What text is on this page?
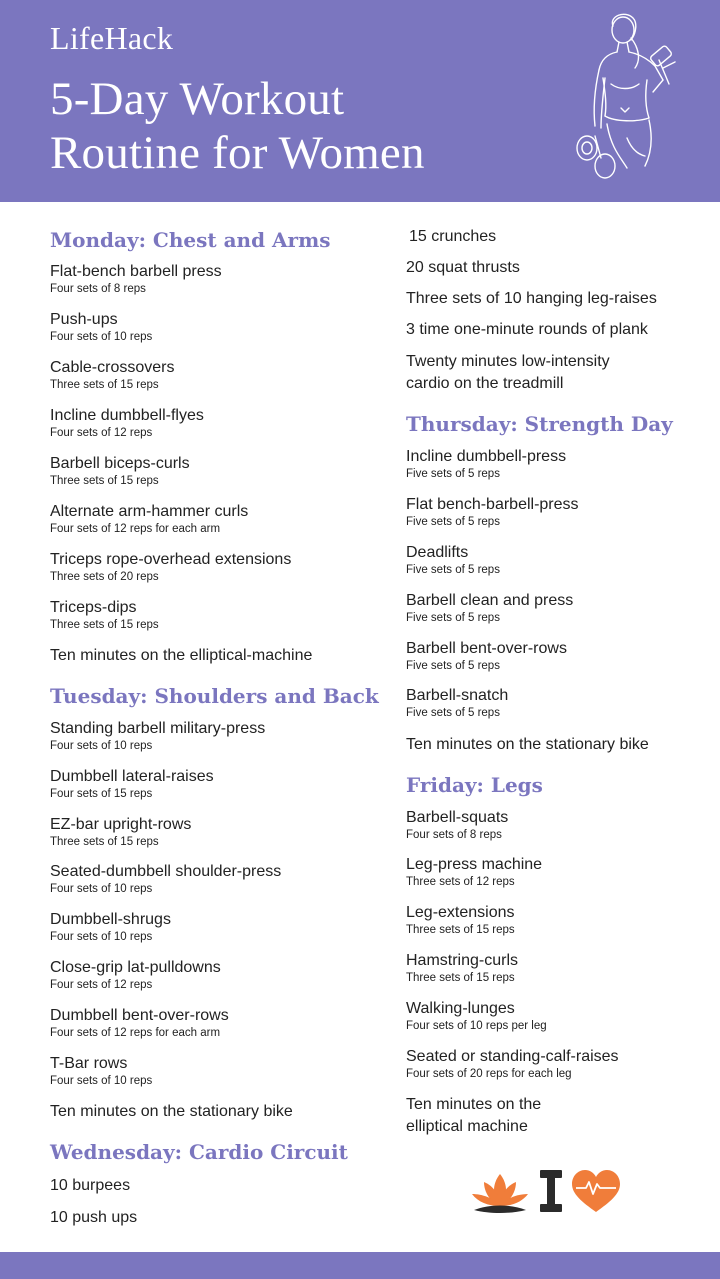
LifeHack
5-Day Workout
Routine for Women
Monday: Chest and Arms
Flat-bench barbell press
Four sets of 8 reps
Push-ups
Four sets of 10 reps
Cable-crossovers
Three sets of 15 reps
Incline dumbbell-flyes
Four sets of 12 reps
Barbell biceps-curls
Three sets of 15 reps
Alternate arm-hammer curls
Four sets of 12 reps for each arm
Triceps rope-overhead extensions
Three sets of 20 reps
Triceps-dips
Three sets of 15 reps
Ten minutes on the elliptical-machine
Tuesday: Shoulders and Back
Standing barbell military-press
Four sets of 10 reps
Dumbbell lateral-raises
Four sets of 15 reps
EZ-bar upright-rows
Three sets of 15 reps
Seated-dumbbell shoulder-press
Four sets of 10 reps
Dumbbell-shrugs
Four sets of 10 reps
Close-grip lat-pulldowns
Four sets of 12 reps
Dumbbell bent-over-rows
Four sets of 12 reps for each arm
T-Bar rows
Four sets of 10 reps
Ten minutes on the stationary bike
Wednesday: Cardio Circuit
10 burpees
10 push ups
15 crunches
20 squat thrusts
Three sets of 10 hanging leg-raises
3 time one-minute rounds of plank
Twenty minutes low-intensity cardio on the treadmill
Thursday: Strength Day
Incline dumbbell-press
Five sets of 5 reps
Flat bench-barbell-press
Five sets of 5 reps
Deadlifts
Five sets of 5 reps
Barbell clean and press
Five sets of 5 reps
Barbell bent-over-rows
Five sets of 5 reps
Barbell-snatch
Five sets of 5 reps
Ten minutes on the stationary bike
Friday: Legs
Barbell-squats
Four sets of 8 reps
Leg-press machine
Three sets of 12 reps
Leg-extensions
Three sets of 15 reps
Hamstring-curls
Three sets of 15 reps
Walking-lunges
Four sets of 10 reps per leg
Seated or standing-calf-raises
Four sets of 20 reps for each leg
Ten minutes on the elliptical machine
